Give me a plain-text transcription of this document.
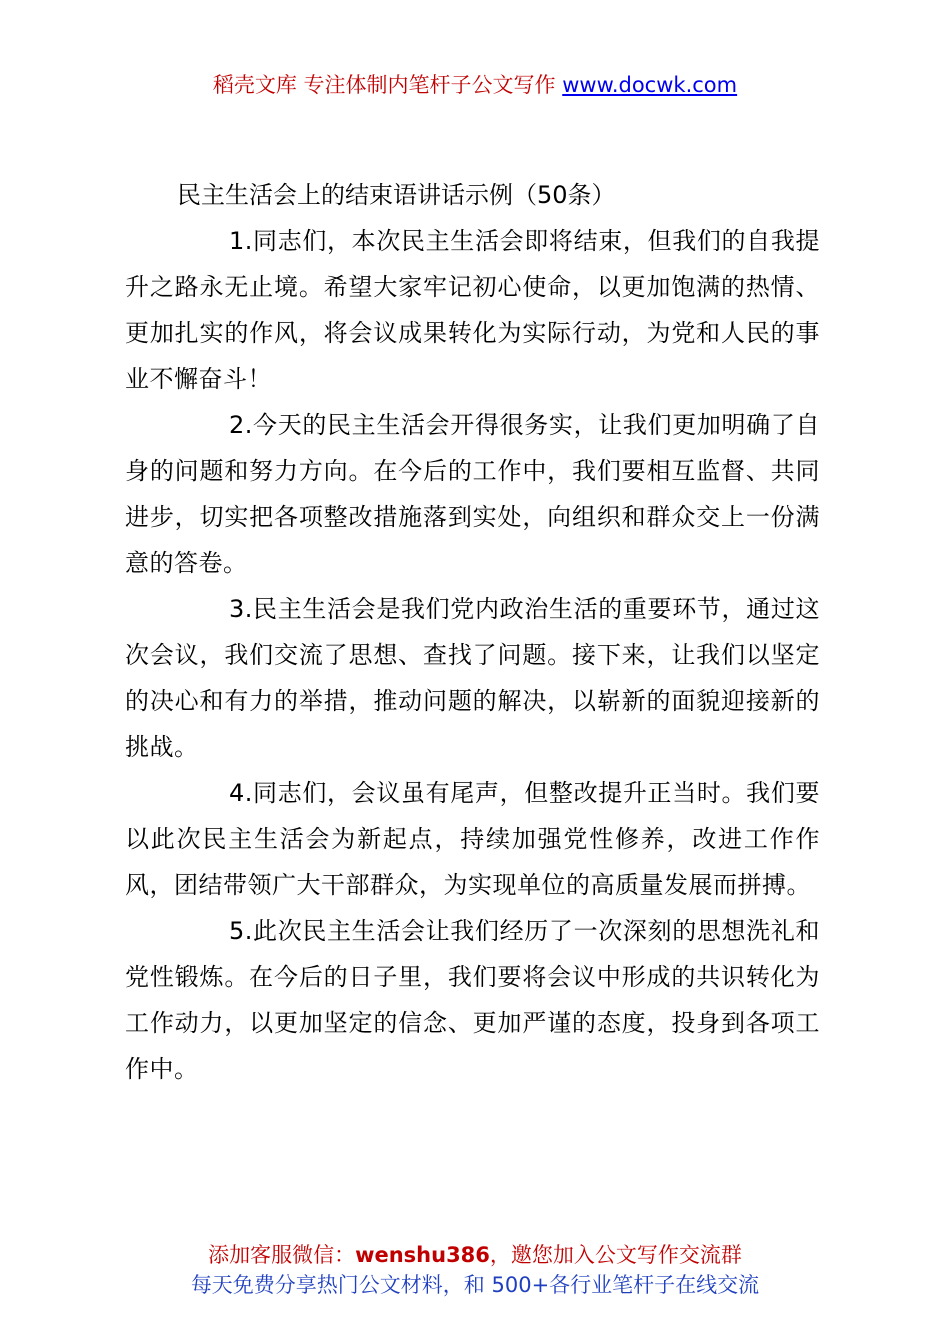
稻壳文库 专注体制内笔杆子公文写作 www.docwk.com
民主生活会上的结束语讲话示例（50条）

1.同志们，本次民主生活会即将结束，但我们的自我提升之路永无止境。希望大家牢记初心使命，以更加饱满的热情、更加扎实的作风，将会议成果转化为实际行动，为党和人民的事业不懈奋斗！

2.今天的民主生活会开得很务实，让我们更加明确了自身的问题和努力方向。在今后的工作中，我们要相互监督、共同进步，切实把各项整改措施落到实处，向组织和群众交上一份满意的答卷。

3.民主生活会是我们党内政治生活的重要环节，通过这次会议，我们交流了思想、查找了问题。接下来，让我们以坚定的决心和有力的举措，推动问题的解决，以崭新的面貌迎接新的挑战。

4.同志们，会议虽有尾声，但整改提升正当时。我们要以此次民主生活会为新起点，持续加强党性修养，改进工作作风，团结带领广大干部群众，为实现单位的高质量发展而拼搏。

5.此次民主生活会让我们经历了一次深刻的思想洗礼和党性锻炼。在今后的日子里，我们要将会议中形成的共识转化为工作动力，以更加坚定的信念、更加严谨的态度，投身到各项工作中。

添加客服微信：wenshu386，邀您加入公文写作交流群
每天免费分享热门公文材料，和 500+各行业笔杆子在线交流
